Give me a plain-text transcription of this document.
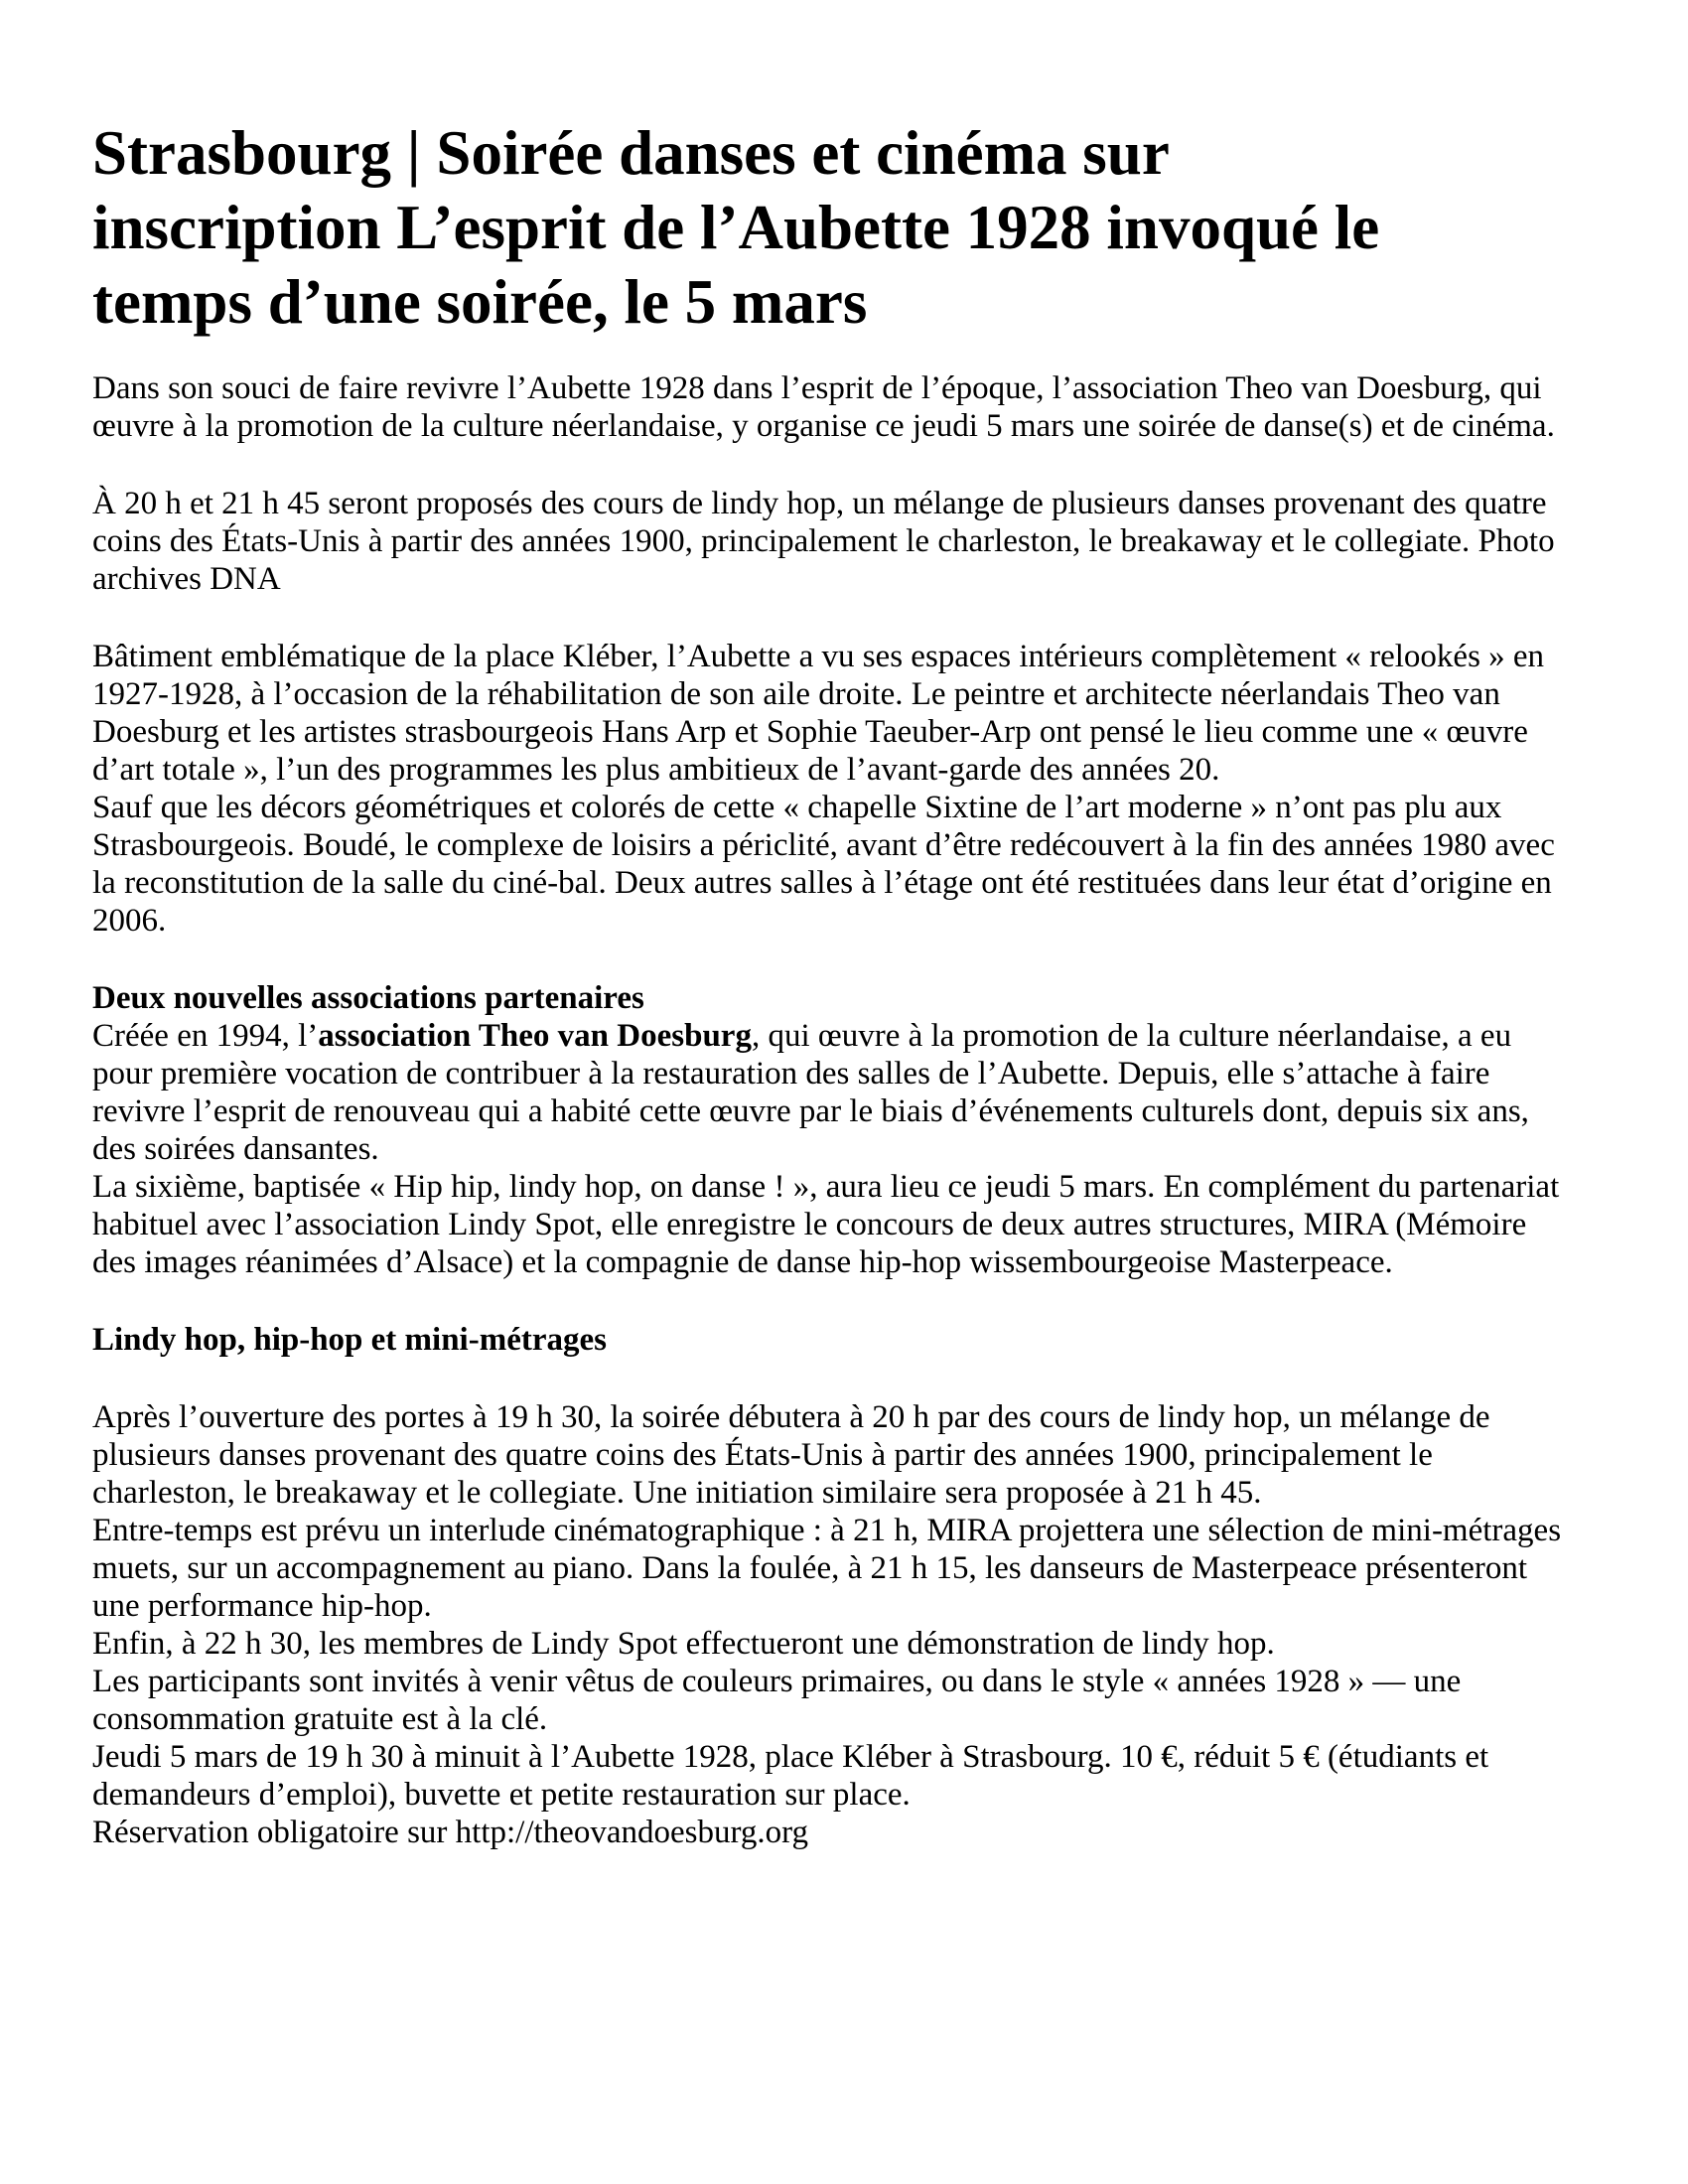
Strasbourg | Soirée danses et cinéma sur
inscription L’esprit de l’Aubette 1928 invoqué le
temps d’une soirée, le 5 mars

Dans son souci de faire revivre l’Aubette 1928 dans l’esprit de l’époque, l’association Theo van Doesburg, qui œuvre à la promotion de la culture néerlandaise, y organise ce jeudi 5 mars une soirée de danse(s) et de cinéma.

À 20 h et 21 h 45 seront proposés des cours de lindy hop, un mélange de plusieurs danses provenant des quatre coins des États-Unis à partir des années 1900, principalement le charleston, le breakaway et le collegiate. Photo archives DNA

Bâtiment emblématique de la place Kléber, l’Aubette a vu ses espaces intérieurs complètement « relookés » en 1927-1928, à l’occasion de la réhabilitation de son aile droite. Le peintre et architecte néerlandais Theo van Doesburg et les artistes strasbourgeois Hans Arp et Sophie Taeuber-Arp ont pensé le lieu comme une « œuvre d’art totale », l’un des programmes les plus ambitieux de l’avant-garde des années 20.

Sauf que les décors géométriques et colorés de cette « chapelle Sixtine de l’art moderne » n’ont pas plu aux Strasbourgeois. Boudé, le complexe de loisirs a périclité, avant d’être redécouvert à la fin des années 1980 avec la reconstitution de la salle du ciné-bal. Deux autres salles à l’étage ont été restituées dans leur état d’origine en 2006.

Deux nouvelles associations partenaires

Créée en 1994, l’association Theo van Doesburg, qui œuvre à la promotion de la culture néerlandaise, a eu pour première vocation de contribuer à la restauration des salles de l’Aubette. Depuis, elle s’attache à faire revivre l’esprit de renouveau qui a habité cette œuvre par le biais d’événements culturels dont, depuis six ans, des soirées dansantes.

La sixième, baptisée « Hip hip, lindy hop, on danse ! », aura lieu ce jeudi 5 mars. En complément du partenariat habituel avec l’association Lindy Spot, elle enregistre le concours de deux autres structures, MIRA (Mémoire des images réanimées d’Alsace) et la compagnie de danse hip-hop wissembourgeoise Masterpeace.

Lindy hop, hip-hop et mini-métrages

Après l’ouverture des portes à 19 h 30, la soirée débutera à 20 h par des cours de lindy hop, un mélange de plusieurs danses provenant des quatre coins des États-Unis à partir des années 1900, principalement le charleston, le breakaway et le collegiate. Une initiation similaire sera proposée à 21 h 45.

Entre-temps est prévu un interlude cinématographique : à 21 h, MIRA projettera une sélection de mini-métrages muets, sur un accompagnement au piano. Dans la foulée, à 21 h 15, les danseurs de Masterpeace présenteront une performance hip-hop.

Enfin, à 22 h 30, les membres de Lindy Spot effectueront une démonstration de lindy hop.

Les participants sont invités à venir vêtus de couleurs primaires, ou dans le style « années 1928 » — une consommation gratuite est à la clé.

Jeudi 5 mars de 19 h 30 à minuit à l’Aubette 1928, place Kléber à Strasbourg. 10 €, réduit 5 € (étudiants et demandeurs d’emploi), buvette et petite restauration sur place.

Réservation obligatoire sur http://theovandoesburg.org
